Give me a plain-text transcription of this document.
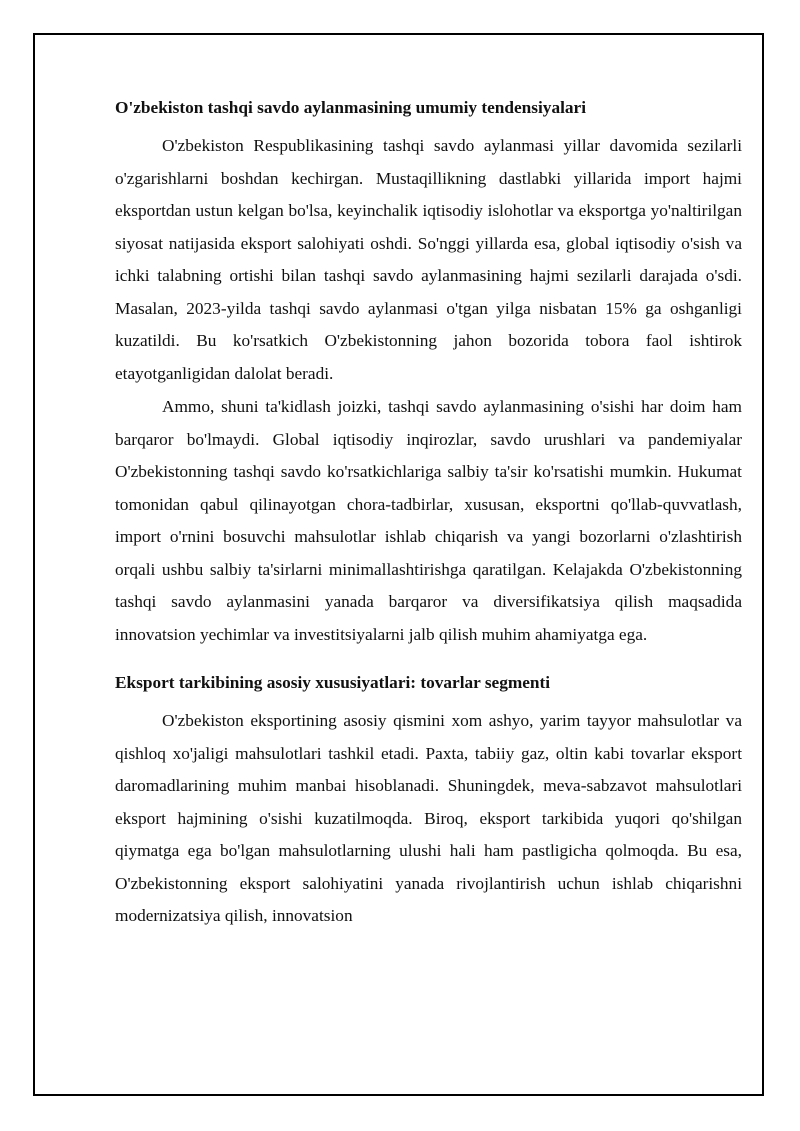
O'zbekiston tashqi savdo aylanmasining umumiy tendensiyalari

O'zbekiston Respublikasining tashqi savdo aylanmasi yillar davomida sezilarli o'zgarishlarni boshdan kechirgan. Mustaqillikning dastlabki yillarida import hajmi eksportdan ustun kelgan bo'lsa, keyinchalik iqtisodiy islohotlar va eksportga yo'naltirilgan siyosat natijasida eksport salohiyati oshdi. So'nggi yillarda esa, global iqtisodiy o'sish va ichki talabning ortishi bilan tashqi savdo aylanmasining hajmi sezilarli darajada o'sdi. Masalan, 2023-yilda tashqi savdo aylanmasi o'tgan yilga nisbatan 15% ga oshganligi kuzatildi. Bu ko'rsatkich O'zbekistonning jahon bozorida tobora faol ishtirok etayotganligidan dalolat beradi.

Ammo, shuni ta'kidlash joizki, tashqi savdo aylanmasining o'sishi har doim ham barqaror bo'lmaydi. Global iqtisodiy inqirozlar, savdo urushlari va pandemiyalar O'zbekistonning tashqi savdo ko'rsatkichlariga salbiy ta'sir ko'rsatishi mumkin. Hukumat tomonidan qabul qilinayotgan chora-tadbirlar, xususan, eksportni qo'llab-quvvatlash, import o'rnini bosuvchi mahsulotlar ishlab chiqarish va yangi bozorlarni o'zlashtirish orqali ushbu salbiy ta'sirlarni minimallashtirishga qaratilgan. Kelajakda O'zbekistonning tashqi savdo aylanmasini yanada barqaror va diversifikatsiya qilish maqsadida innovatsion yechimlar va investitsiyalarni jalb qilish muhim ahamiyatga ega.

Eksport tarkibining asosiy xususiyatlari: tovarlar segmenti

O'zbekiston eksportining asosiy qismini xom ashyo, yarim tayyor mahsulotlar va qishloq xo'jaligi mahsulotlari tashkil etadi. Paxta, tabiiy gaz, oltin kabi tovarlar eksport daromadlarining muhim manbai hisoblanadi. Shuningdek, meva-sabzavot mahsulotlari eksport hajmining o'sishi kuzatilmoqda. Biroq, eksport tarkibida yuqori qo'shilgan qiymatga ega bo'lgan mahsulotlarning ulushi hali ham pastligicha qolmoqda. Bu esa, O'zbekistonning eksport salohiyatini yanada rivojlantirish uchun ishlab chiqarishni modernizatsiya qilish, innovatsion
